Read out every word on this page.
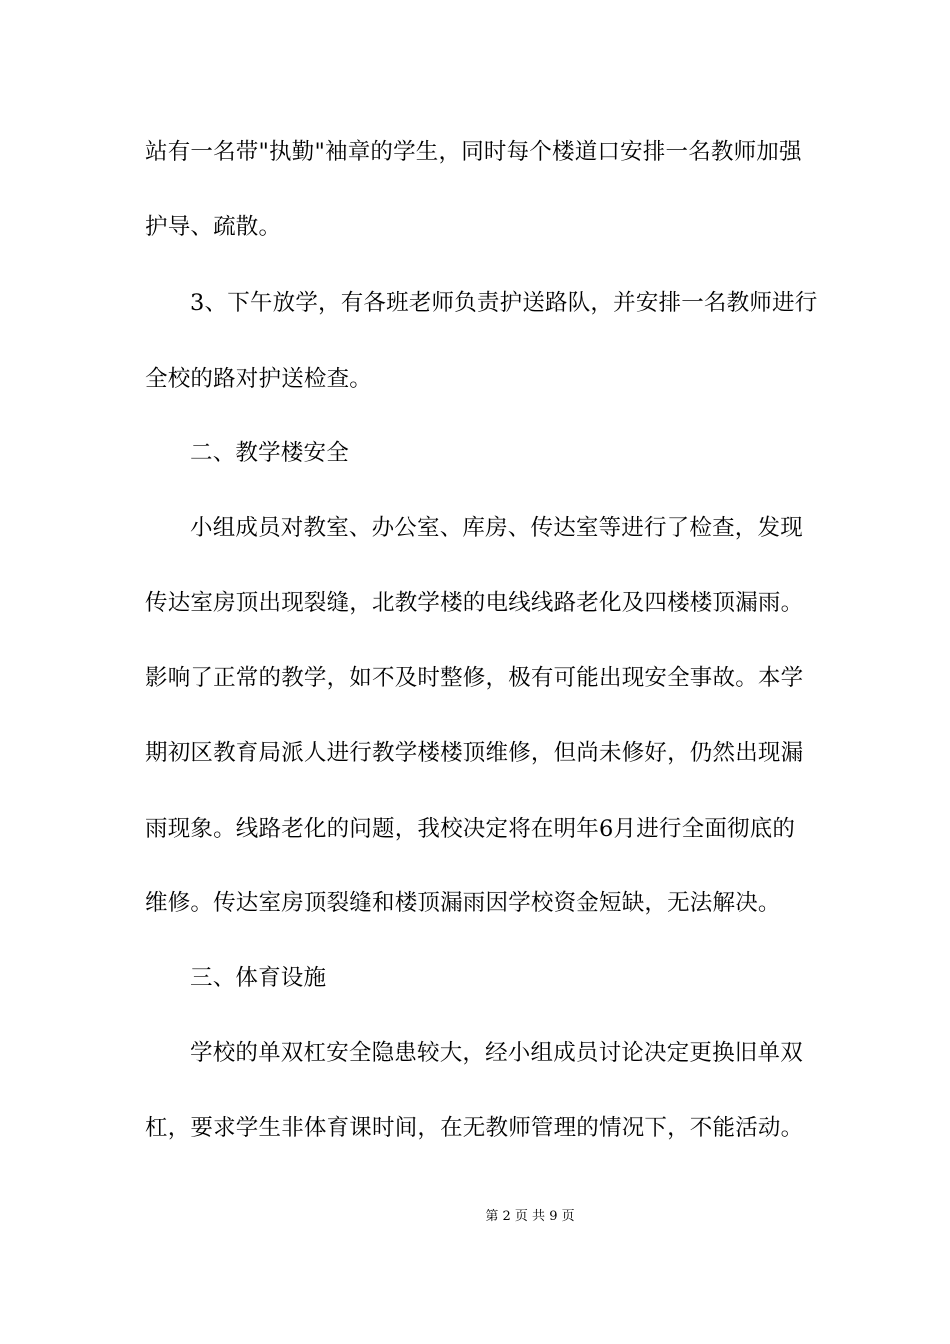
站有一名带"执勤"袖章的学生，同时每个楼道口安排一名教师加强
护导、疏散。
3、下午放学，有各班老师负责护送路队，并安排一名教师进行
全校的路对护送检查。
二、教学楼安全
小组成员对教室、办公室、库房、传达室等进行了检查，发现
传达室房顶出现裂缝，北教学楼的电线线路老化及四楼楼顶漏雨。
影响了正常的教学，如不及时整修，极有可能出现安全事故。本学
期初区教育局派人进行教学楼楼顶维修，但尚未修好，仍然出现漏
雨现象。线路老化的问题，我校决定将在明年6月进行全面彻底的
维修。传达室房顶裂缝和楼顶漏雨因学校资金短缺，无法解决。
三、体育设施
学校的单双杠安全隐患较大，经小组成员讨论决定更换旧单双
杠，要求学生非体育课时间，在无教师管理的情况下，不能活动。
第 2 页 共 9 页
